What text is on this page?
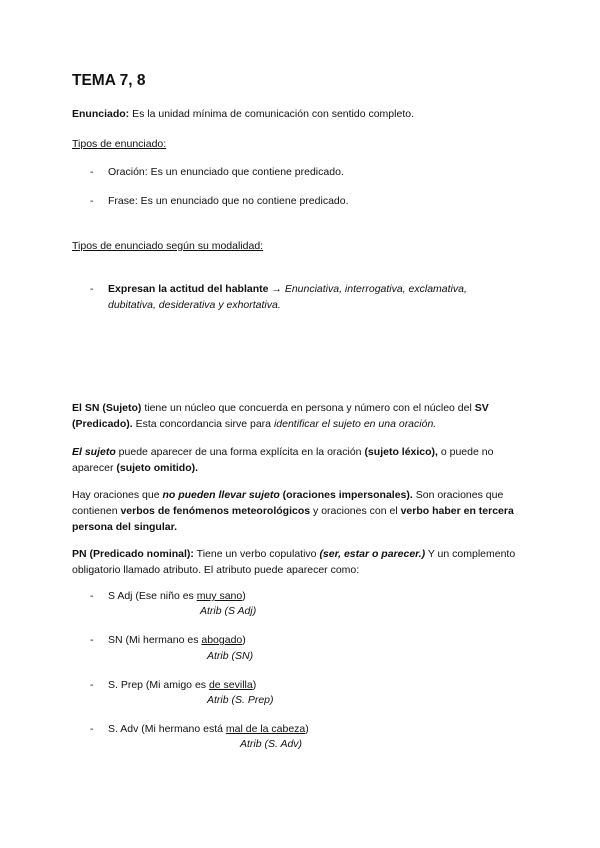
TEMA 7, 8
Enunciado: Es la unidad mínima de comunicación con sentido completo.
Tipos de enunciado:
- Oración: Es un enunciado que contiene predicado.
- Frase: Es un enunciado que no contiene predicado.
Tipos de enunciado según su modalidad:
- Expresan la actitud del hablante → Enunciativa, interrogativa, exclamativa,
dubitativa, desiderativa y exhortativa.
El SN (Sujeto) tiene un núcleo que concuerda en persona y número con el núcleo del SV (Predicado). Esta concordancia sirve para identificar el sujeto en una oración.
El sujeto puede aparecer de una forma explícita en la oración (sujeto léxico), o puede no aparecer (sujeto omitido).
Hay oraciones que no pueden llevar sujeto (oraciones impersonales). Son oraciones que contienen verbos de fenómenos meteorológicos y oraciones con el verbo haber en tercera persona del singular.
PN (Predicado nominal): Tiene un verbo copulativo (ser, estar o parecer.) Y un complemento obligatorio llamado atributo. El atributo puede aparecer como:
- S Adj (Ese niño es muy sano)
Atrib (S Adj)
- SN (Mi hermano es abogado)
Atrib (SN)
- S. Prep (Mi amigo es de sevilla)
Atrib (S. Prep)
- S. Adv (Mi hermano está mal de la cabeza)
Atrib (S. Adv)
